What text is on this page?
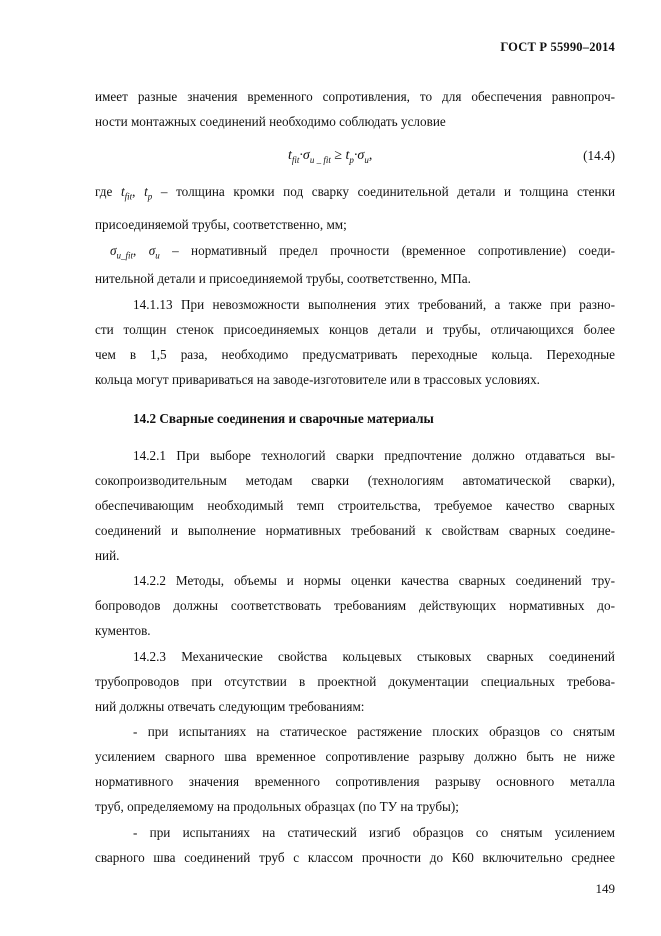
ГОСТ Р 55990–2014
имеет разные значения временного сопротивления, то для обеспечения равнопроч-
ности монтажных соединений необходимо соблюдать условие
$t_{fit}\cdot\sigma_{u \_ fit} \ge t_p\cdot\sigma_u$,	(14.4)
где $t_{fit}$, $t_p$ – толщина кромки под сварку соединительной детали и толщина стенки
присоединяемой трубы, соответственно, мм;
$\sigma_{u\_fit}$, $\sigma_u$ – нормативный предел прочности (временное сопротивление) соеди-
нительной детали и присоединяемой трубы, соответственно, МПа.
14.1.13 При невозможности выполнения этих требований, а также при разно-
сти толщин стенок присоединяемых концов детали и трубы, отличающихся более
чем в 1,5 раза, необходимо предусматривать переходные кольца. Переходные
кольца могут привариваться на заводе-изготовителе или в трассовых условиях.
14.2 Сварные соединения и сварочные материалы
14.2.1 При выборе технологий сварки предпочтение должно отдаваться вы-
сокопроизводительным методам сварки (технологиям автоматической сварки),
обеспечивающим необходимый темп строительства, требуемое качество сварных
соединений и выполнение нормативных требований к свойствам сварных соедине-
ний.
14.2.2 Методы, объемы и нормы оценки качества сварных соединений тру-
бопроводов должны соответствовать требованиям действующих нормативных до-
кументов.
14.2.3 Механические свойства кольцевых стыковых сварных соединений
трубопроводов при отсутствии в проектной документации специальных требова-
ний должны отвечать следующим требованиям:
- при испытаниях на статическое растяжение плоских образцов со снятым
усилением сварного шва временное сопротивление разрыву должно быть не ниже
нормативного значения временного сопротивления разрыву основного металла
труб, определяемому на продольных образцах (по ТУ на трубы);
- при испытаниях на статический изгиб образцов со снятым усилением
сварного шва соединений труб с классом прочности до К60 включительно среднее
149
